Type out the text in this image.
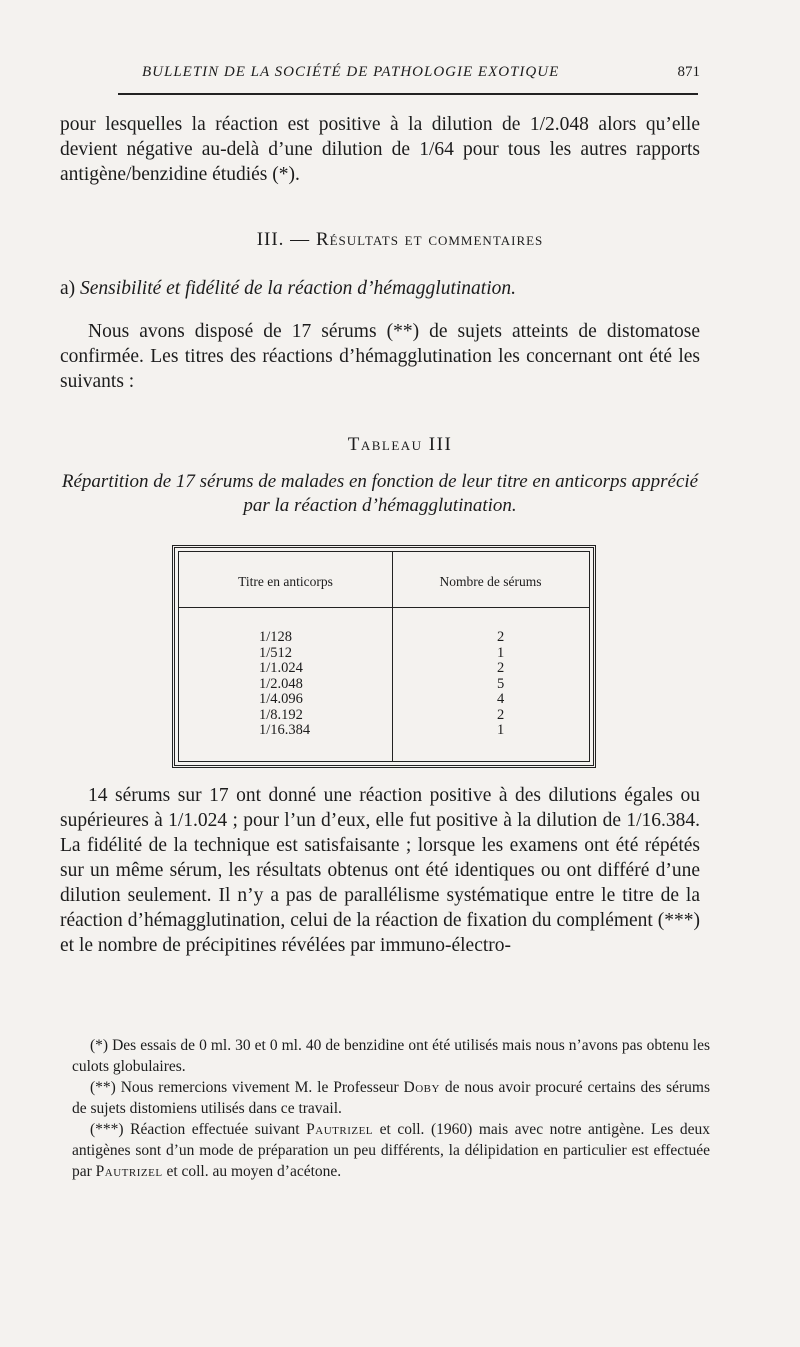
BULLETIN DE LA SOCIÉTÉ DE PATHOLOGIE EXOTIQUE	871
pour lesquelles la réaction est positive à la dilution de 1/2.048 alors qu’elle devient négative au-delà d’une dilution de 1/64 pour tous les autres rapports antigène/benzidine étudiés (*).
III. — Résultats et commentaires
a) Sensibilité et fidélité de la réaction d’hémagglutination.
Nous avons disposé de 17 sérums (**) de sujets atteints de distomatose confirmée. Les titres des réactions d’hémagglutination les concernant ont été les suivants :
Tableau III
Répartition de 17 sérums de malades en fonction de leur titre en anticorps apprécié par la réaction d’hémagglutination.
Titre en anticorps	Nombre de sérums
1/128	2
1/512	1
1/1.024	2
1/2.048	5
1/4.096	4
1/8.192	2
1/16.384	1
14 sérums sur 17 ont donné une réaction positive à des dilutions égales ou supérieures à 1/1.024 ; pour l’un d’eux, elle fut positive à la dilution de 1/16.384. La fidélité de la technique est satisfaisante ; lorsque les examens ont été répétés sur un même sérum, les résultats obtenus ont été identiques ou ont différé d’une dilution seulement. Il n’y a pas de parallélisme systématique entre le titre de la réaction d’hémagglutination, celui de la réaction de fixation du complément (***) et le nombre de précipitines révélées par immuno-électro-

(*) Des essais de 0 ml. 30 et 0 ml. 40 de benzidine ont été utilisés mais nous n’avons pas obtenu les culots globulaires.

(**) Nous remercions vivement M. le Professeur Doby de nous avoir procuré certains des sérums de sujets distomiens utilisés dans ce travail.

(***) Réaction effectuée suivant Pautrizel et coll. (1960) mais avec notre antigène. Les deux antigènes sont d’un mode de préparation un peu différents, la délipidation en particulier est effectuée par Pautrizel et coll. au moyen d’acétone.
